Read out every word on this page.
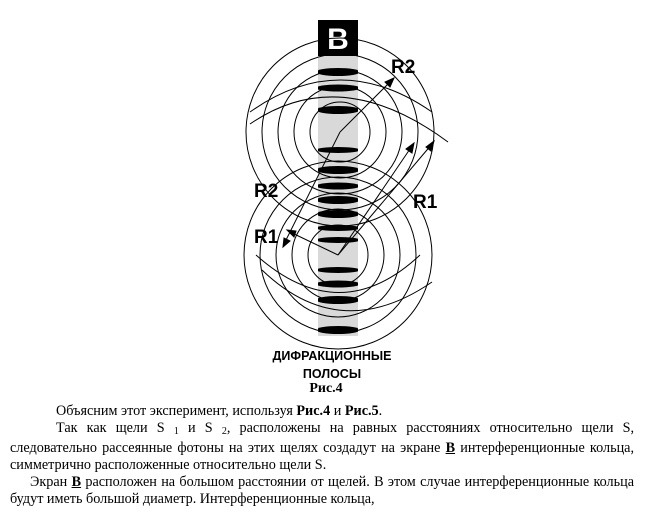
B
R2
R1
R2
R1
ДИФРАКЦИОННЫЕ
ПОЛОСЫ
Рис.4

Объясним этот эксперимент, используя Рис.4 и Рис.5.

Так как щели S $_1$ и S $_2$, расположены на равных расстояниях относительно щели S, следовательно рассеянные фотоны на этих щелях создадут на экране В интерференционные кольца, симметрично расположенные относительно щели S.

Экран В расположен на большом расстоянии от щелей. В этом случае интерференционные кольца будут иметь большой диаметр. Интерференционные кольца,
